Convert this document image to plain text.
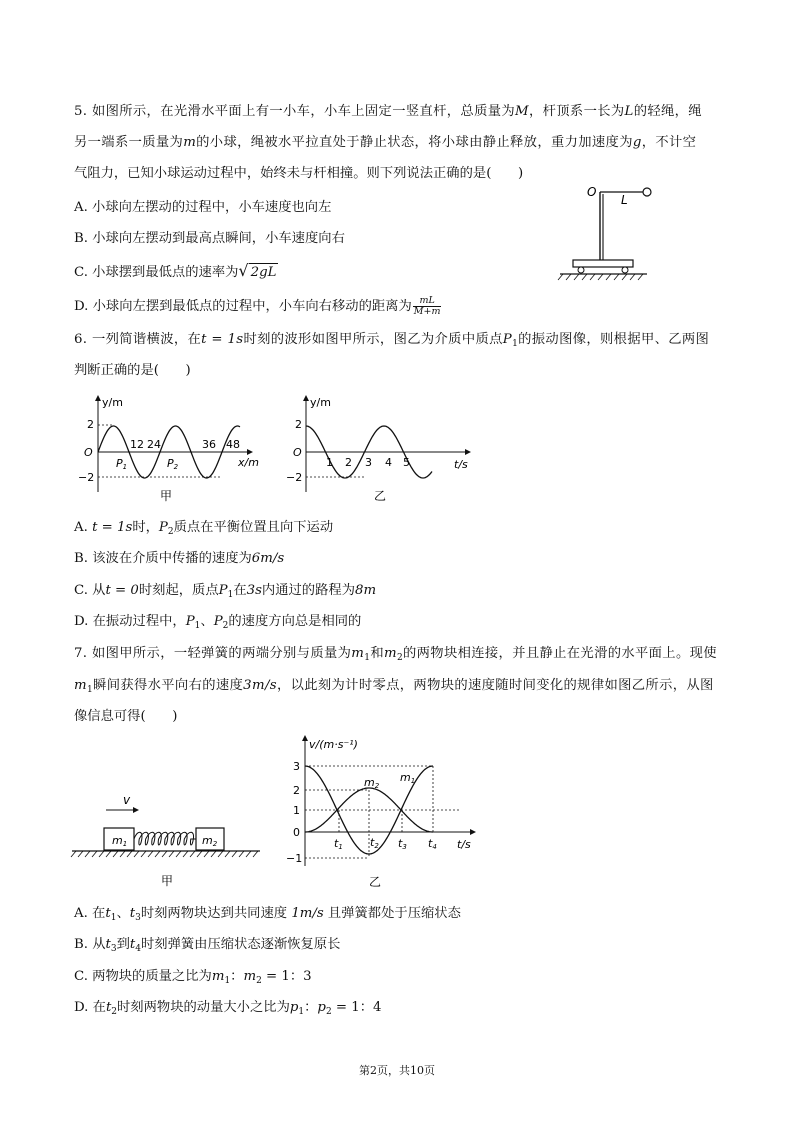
5. 如图所示，在光滑水平面上有一小车，小车上固定一竖直杆，总质量为M，杆顶系一长为L的轻绳，绳
另一端系一质量为m的小球，绳被水平拉直处于静止状态，将小球由静止释放，重力加速度为g，不计空
气阻力，已知小球运动过程中，始终未与杆相撞。则下列说法正确的是(　　)
A. 小球向左摆动的过程中，小车速度也向左
B. 小球向左摆动到最高点瞬间，小车速度向右
C. 小球摆到最低点的速率为√ 2gL
D. 小球向左摆到最低点的过程中，小车向右移动的距离为 $\frac{mL}{M+m}$
O
L
6. 一列简谐横波，在t = 1s时刻的波形如图甲所示，图乙为介质中质点$P_1$的振动图像，则根据甲、乙两图
判断正确的是(　　)
y/m
x/m
O
2
−2
12 24	36 48
P1	P2
甲
y/m
t/s
O
2
−2
1 2 3 4 5
乙
A. t = 1s时，$P_2$质点在平衡位置且向下运动
B. 该波在介质中传播的速度为6m/s
C. 从t = 0时刻起，质点$P_1$在3s内通过的路程为8m
D. 在振动过程中，$P_1$、$P_2$的速度方向总是相同的
7. 如图甲所示，一轻弹簧的两端分别与质量为$m_1$和$m_2$的两物块相连接，并且静止在光滑的水平面上。现使
$m_1$瞬间获得水平向右的速度3m/s，以此刻为计时零点，两物块的速度随时间变化的规律如图乙所示，从图
像信息可得(　　)
v
m1	m2
甲
v/(m·s⁻¹)
t/s
3
2
1
0
−1
m2
m1
t1 t2 t3 t4
乙
A. 在$t_1$、$t_3$时刻两物块达到共同速度 1m/s 且弹簧都处于压缩状态
B. 从$t_3$到$t_4$时刻弹簧由压缩状态逐渐恢复原长
C. 两物块的质量之比为$m_1$：$m_2 = 1$：3
D. 在$t_2$时刻两物块的动量大小之比为$p_1$：$p_2 = 1$：4
第2页，共10页
